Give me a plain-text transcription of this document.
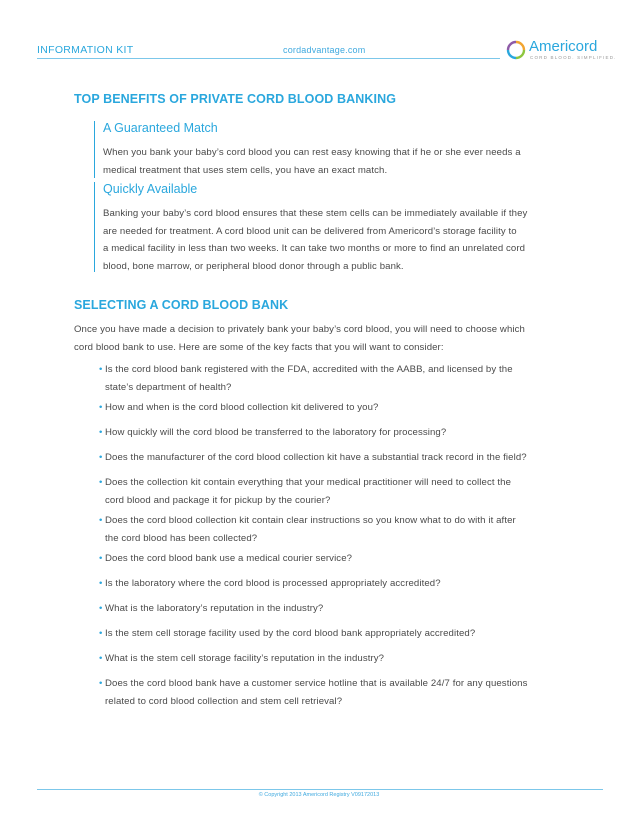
INFORMATION KIT	cordadvantage.com	Americord
CORD BLOOD. SIMPLIFIED.
TOP BENEFITS OF PRIVATE CORD BLOOD BANKING
A Guaranteed Match
When you bank your baby’s cord blood you can rest easy knowing that if he or she ever needs a
medical treatment that uses stem cells, you have an exact match.
Quickly Available
Banking your baby’s cord blood ensures that these stem cells can be immediately available if they
are needed for treatment. A cord blood unit can be delivered from Americord’s storage facility to
a medical facility in less than two weeks. It can take two months or more to find an unrelated cord
blood, bone marrow, or peripheral blood donor through a public bank.
SELECTING A CORD BLOOD BANK
Once you have made a decision to privately bank your baby’s cord blood, you will need to choose which
cord blood bank to use. Here are some of the key facts that you will want to consider:
• Is the cord blood bank registered with the FDA, accredited with the AABB, and licensed by the
state’s department of health?
• How and when is the cord blood collection kit delivered to you?
• How quickly will the cord blood be transferred to the laboratory for processing?
• Does the manufacturer of the cord blood collection kit have a substantial track record in the field?
• Does the collection kit contain everything that your medical practitioner will need to collect the
cord blood and package it for pickup by the courier?
• Does the cord blood collection kit contain clear instructions so you know what to do with it after
the cord blood has been collected?
• Does the cord blood bank use a medical courier service?
• Is the laboratory where the cord blood is processed appropriately accredited?
• What is the laboratory’s reputation in the industry?
• Is the stem cell storage facility used by the cord blood bank appropriately accredited?
• What is the stem cell storage facility’s reputation in the industry?
• Does the cord blood bank have a customer service hotline that is available 24/7 for any questions
related to cord blood collection and stem cell retrieval?
© Copyright 2013 Americord Registry V09172013
